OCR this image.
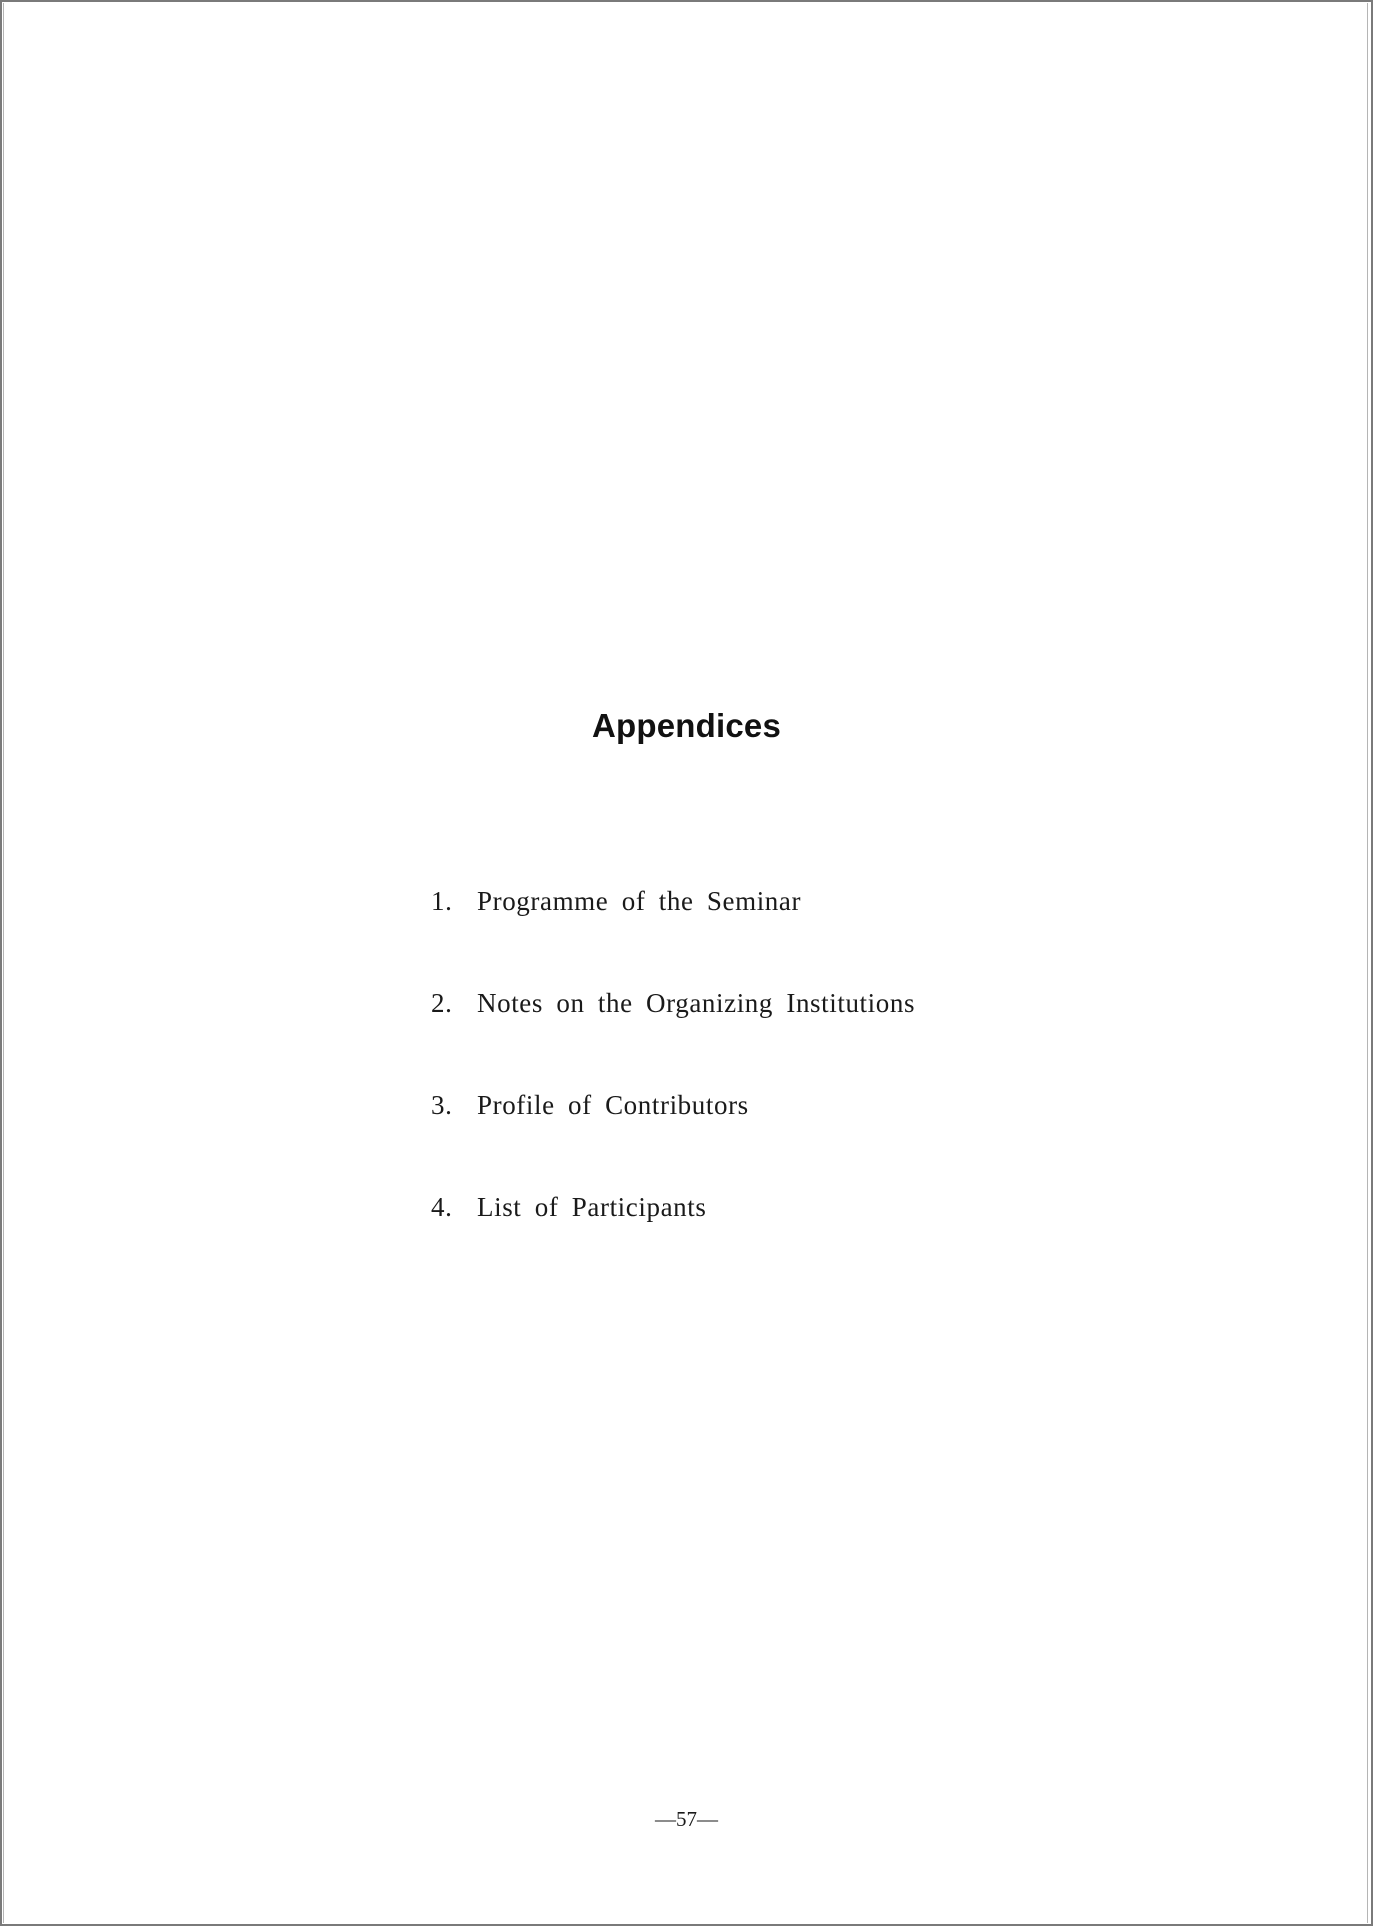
Appendices
1. Programme of the Seminar
2. Notes on the Organizing Institutions
3. Profile of Contributors
4. List of Participants
—57—
